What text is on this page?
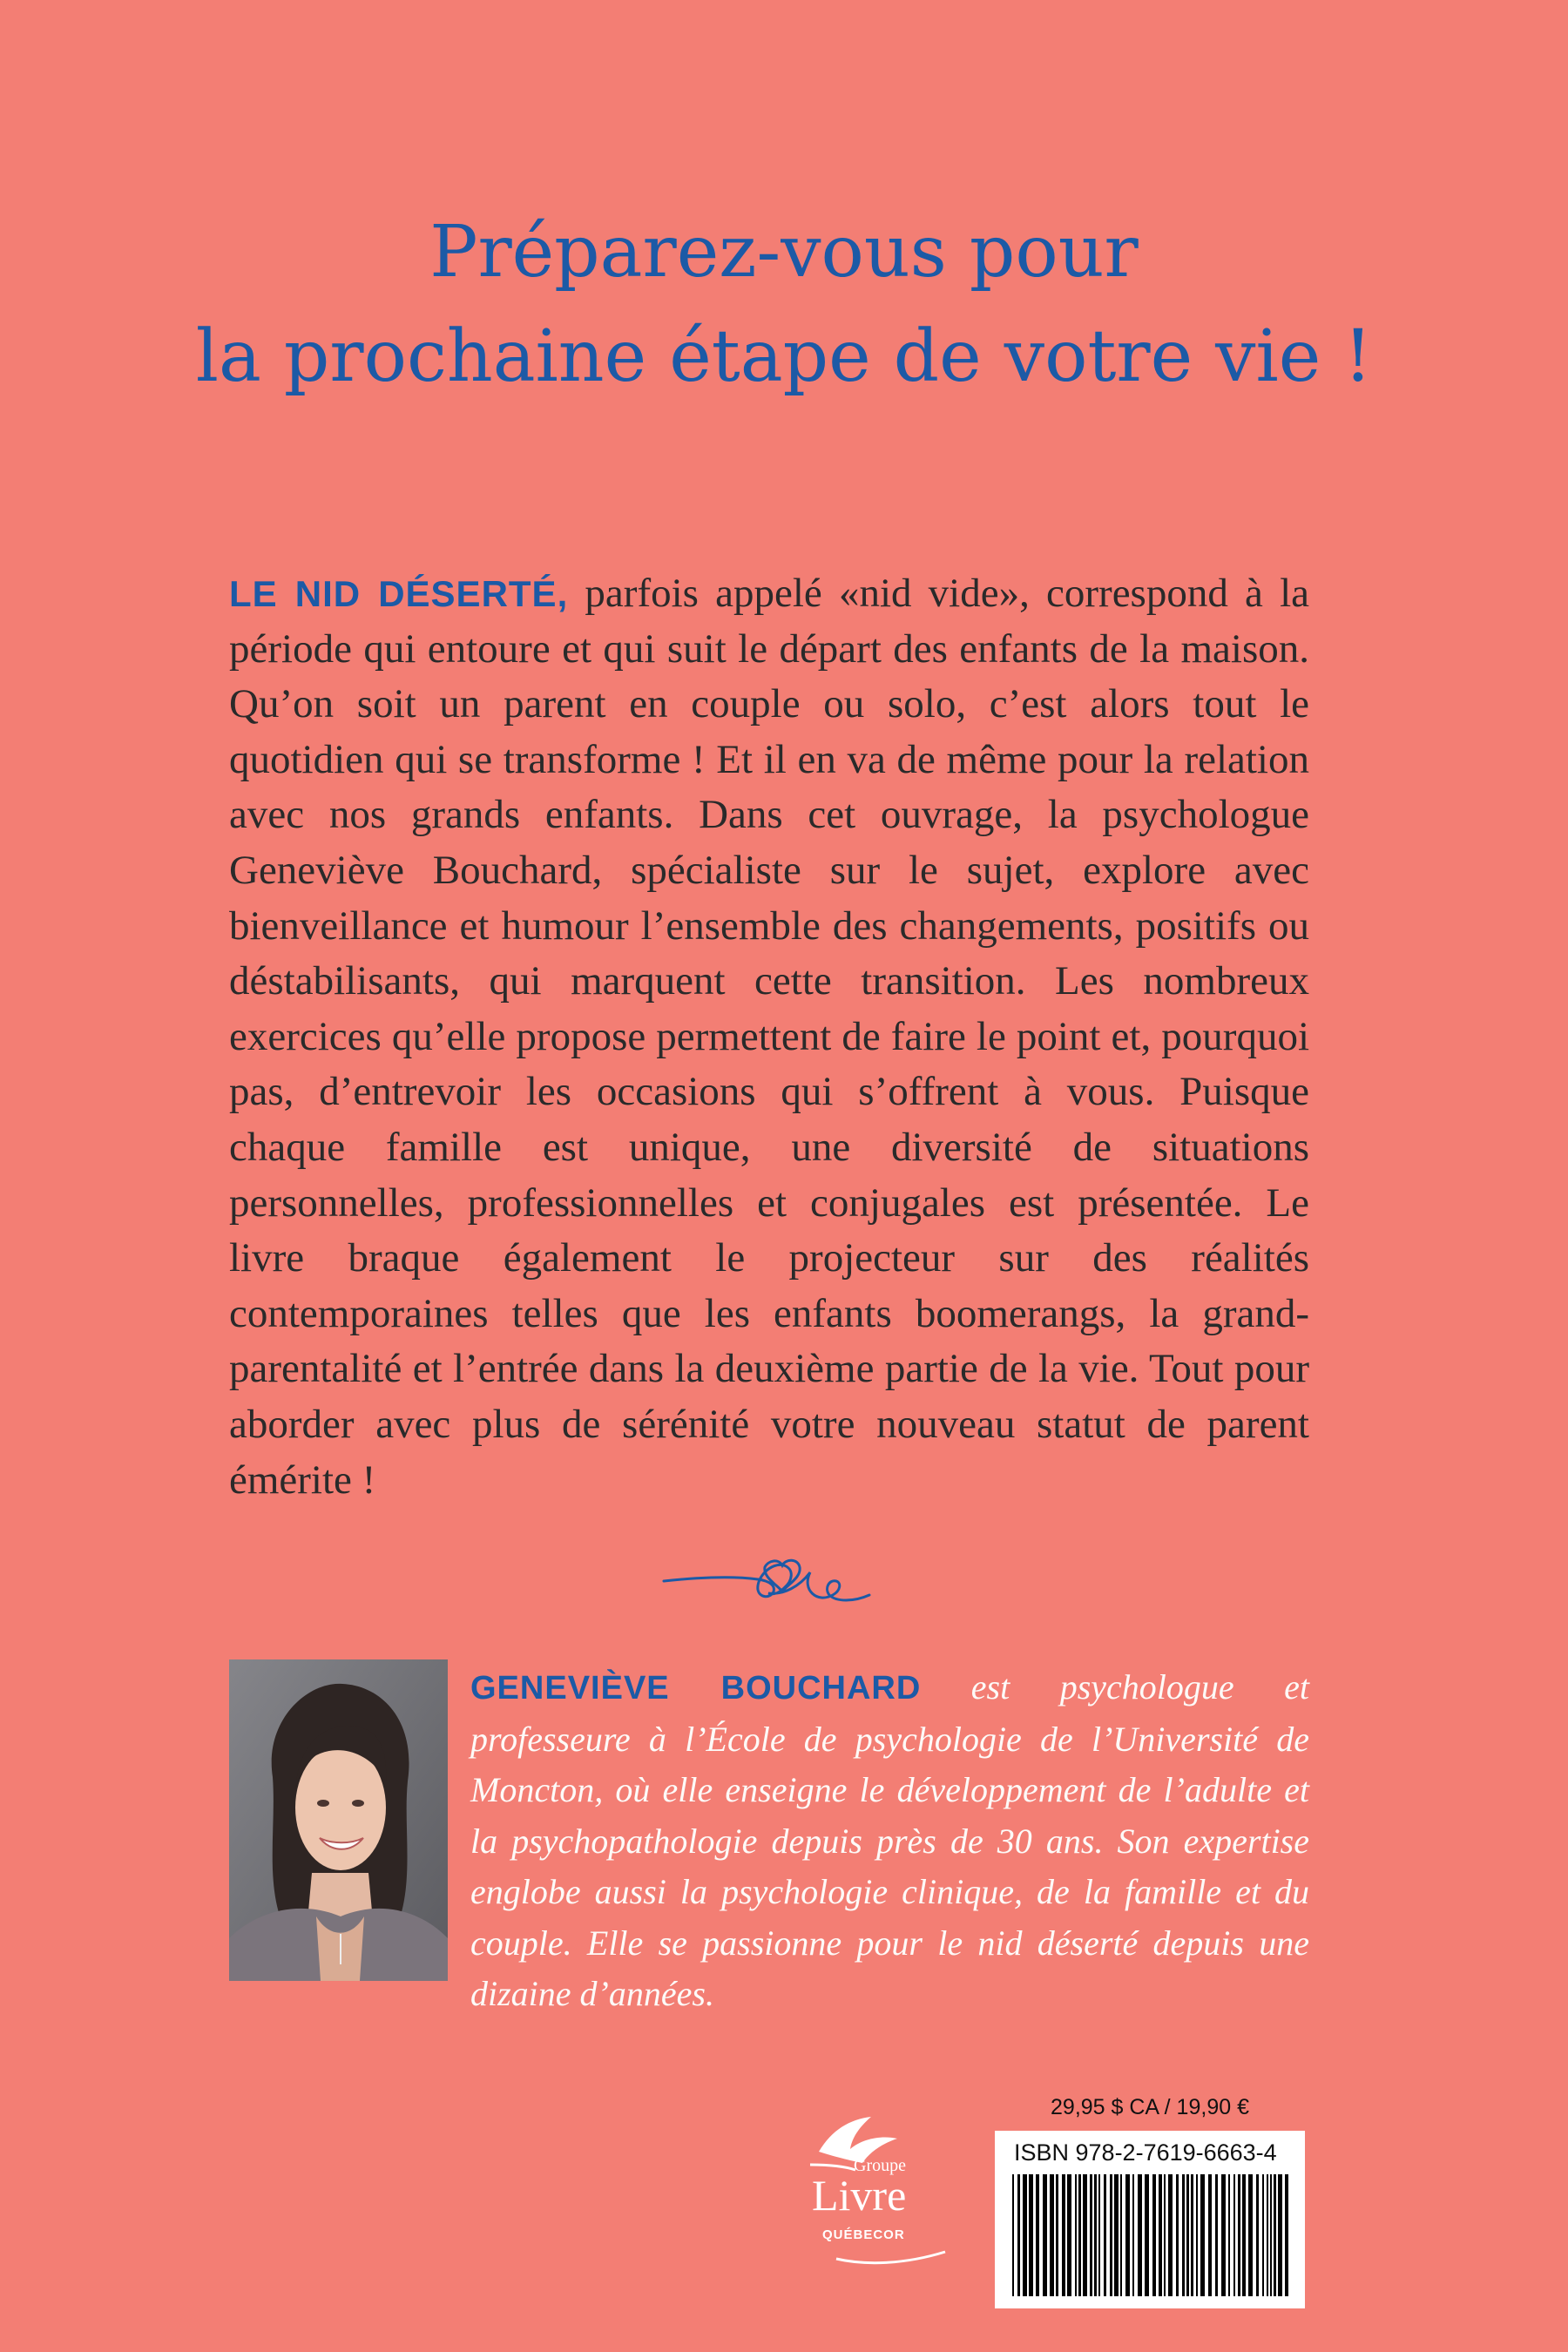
Préparez-vous pour
la prochaine étape de votre vie !
LE NID DÉSERTÉ, parfois appelé «nid vide», correspond à la période qui entoure et qui suit le départ des enfants de la maison. Qu’on soit un parent en couple ou solo, c’est alors tout le quotidien qui se transforme ! Et il en va de même pour la relation avec nos grands enfants. Dans cet ouvrage, la psychologue Geneviève Bouchard, spécialiste sur le sujet, explore avec bienveillance et humour l’ensemble des changements, positifs ou déstabilisants, qui marquent cette transition. Les nombreux exercices qu’elle propose permettent de faire le point et, pourquoi pas, d’entrevoir les occasions qui s’offrent à vous. Puisque chaque famille est unique, une diversité de situations personnelles, professionnelles et conjugales est présentée. Le livre braque également le projecteur sur des réalités contemporaines telles que les enfants boomerangs, la grand-parentalité et l’entrée dans la deuxième partie de la vie. Tout pour aborder avec plus de sérénité votre nouveau statut de parent émérite !
GENEVIÈVE BOUCHARD est psychologue et professeure à l’École de psychologie de l’Université de Moncton, où elle enseigne le développement de l’adulte et la psychopathologie depuis près de 30 ans. Son expertise englobe aussi la psychologie clinique, de la famille et du couple. Elle se passionne pour le nid déserté depuis une dizaine d’années.
Groupe
Livre
QUÉBECOR
29,95 $ CA / 19,90 €
ISBN 978-2-7619-6663-4
